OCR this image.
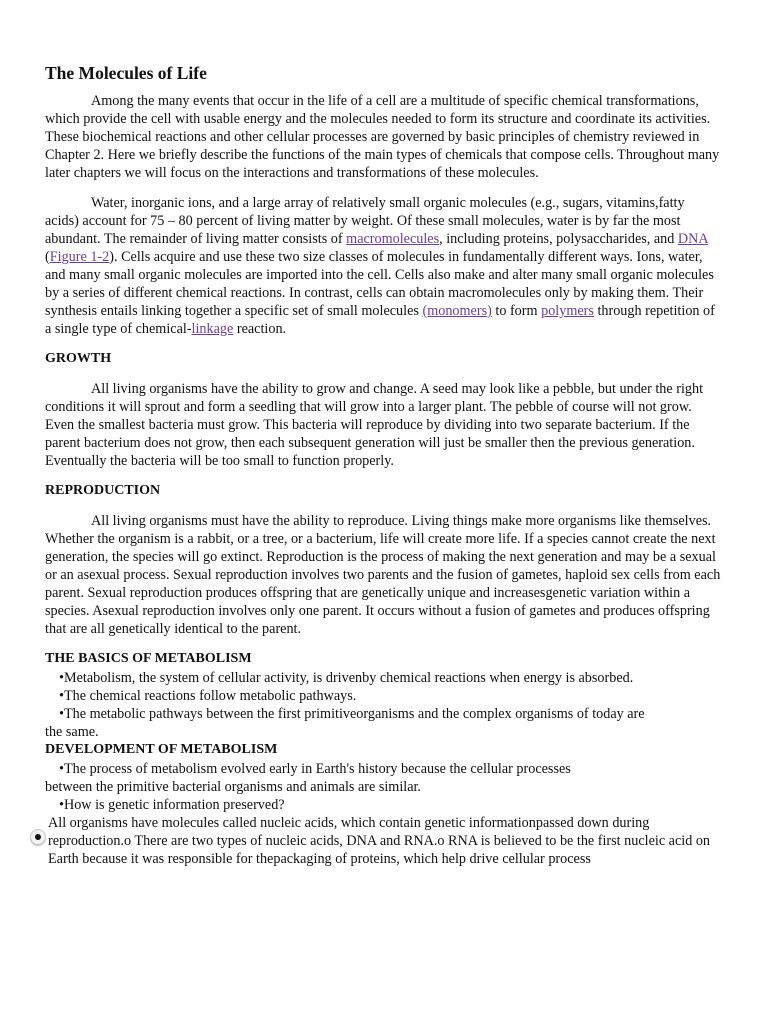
The Molecules of Life

Among the many events that occur in the life of a cell are a multitude of specific chemical transformations, which provide the cell with usable energy and the molecules needed to form its structure and coordinate its activities. These biochemical reactions and other cellular processes are governed by basic principles of chemistry reviewed in Chapter 2. Here we briefly describe the functions of the main types of chemicals that compose cells. Throughout many later chapters we will focus on the interactions and transformations of these molecules.

Water, inorganic ions, and a large array of relatively small organic molecules (e.g., sugars, vitamins,fatty acids) account for 75 – 80 percent of living matter by weight. Of these small molecules, water is by far the most abundant. The remainder of living matter consists of macromolecules, including proteins, polysaccharides, and DNA (Figure 1-2). Cells acquire and use these two size classes of molecules in fundamentally different ways. Ions, water, and many small organic molecules are imported into the cell. Cells also make and alter many small organic molecules by a series of different chemical reactions. In contrast, cells can obtain macromolecules only by making them. Their synthesis entails linking together a specific set of small molecules (monomers) to form polymers through repetition of a single type of chemical-linkage reaction.

GROWTH

All living organisms have the ability to grow and change. A seed may look like a pebble, but under the right conditions it will sprout and form a seedling that will grow into a larger plant. The pebble of course will not grow. Even the smallest bacteria must grow. This bacteria will reproduce by dividing into two separate bacterium. If the parent bacterium does not grow, then each subsequent generation will just be smaller then the previous generation. Eventually the bacteria will be too small to function properly.

REPRODUCTION

All living organisms must have the ability to reproduce. Living things make more organisms like themselves. Whether the organism is a rabbit, or a tree, or a bacterium, life will create more life. If a species cannot create the next generation, the species will go extinct. Reproduction is the process of making the next generation and may be a sexual or an asexual process. Sexual reproduction involves two parents and the fusion of gametes, haploid sex cells from each parent. Sexual reproduction produces offspring that are genetically unique and increasesgenetic variation within a species. Asexual reproduction involves only one parent. It occurs without a fusion of gametes and produces offspring that are all genetically identical to the parent.

THE BASICS OF METABOLISM
•Metabolism, the system of cellular activity, is drivenby chemical reactions when energy is absorbed.
•The chemical reactions follow metabolic pathways.
•The metabolic pathways between the first primitiveorganisms and the complex organisms of today are
the same.
DEVELOPMENT OF METABOLISM
•The process of metabolism evolved early in Earth's history because the cellular processes
between the primitive bacterial organisms and animals are similar.
•How is genetic information preserved?

All organisms have molecules called nucleic acids, which contain genetic informationpassed down during reproduction.o There are two types of nucleic acids, DNA and RNA.o RNA is believed to be the first nucleic acid on Earth because it was responsible for thepackaging of proteins, which help drive cellular process
